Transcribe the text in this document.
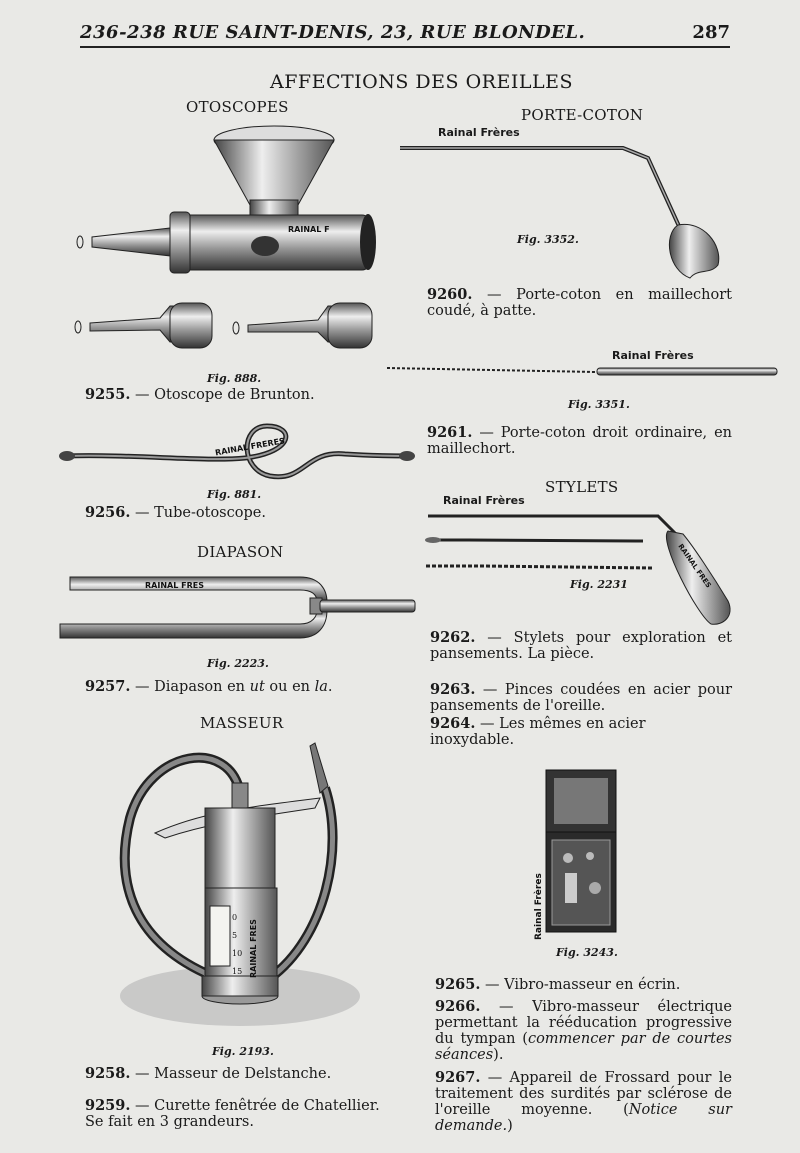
236-238 RUE SAINT-DENIS, 23, RUE BLONDEL.	287
AFFECTIONS DES OREILLES
OTOSCOPES
RAINAL F
Fig. 888.
9255. — Otoscope de Brunton.
RAINAL FRERES
Fig. 881.
9256. — Tube-otoscope.
DIAPASON
RAINAL FRES
Fig. 2223.
9257. — Diapason en ut ou en la.
MASSEUR
0
5
10
15 RAINAL FRES
Fig. 2193.
9258. — Masseur de Delstanche.
9259. — Curette fenêtrée de Chatellier. Se fait en 3 grandeurs.
PORTE-COTON
Rainal Frères
Fig. 3352.
9260. — Porte-coton en maillechort coudé, à patte.
Rainal Frères
Fig. 3351.
9261. — Porte-coton droit ordinaire, en maillechort.
STYLETS
Rainal Frères
RAINAL FRES
Fig. 2231
9262. — Stylets pour exploration et pansements. La pièce.
9263. — Pinces coudées en acier pour pansements de l'oreille.
9264. — Les mêmes en acier inoxydable.
Rainal Frères
Fig. 3243.
9265. — Vibro-masseur en écrin.
9266. — Vibro-masseur électrique permettant la rééducation progressive du tympan (commencer par de courtes séances).
9267. — Appareil de Frossard pour le traitement des surdités par sclérose de l'oreille moyenne. (Notice sur demande.)
